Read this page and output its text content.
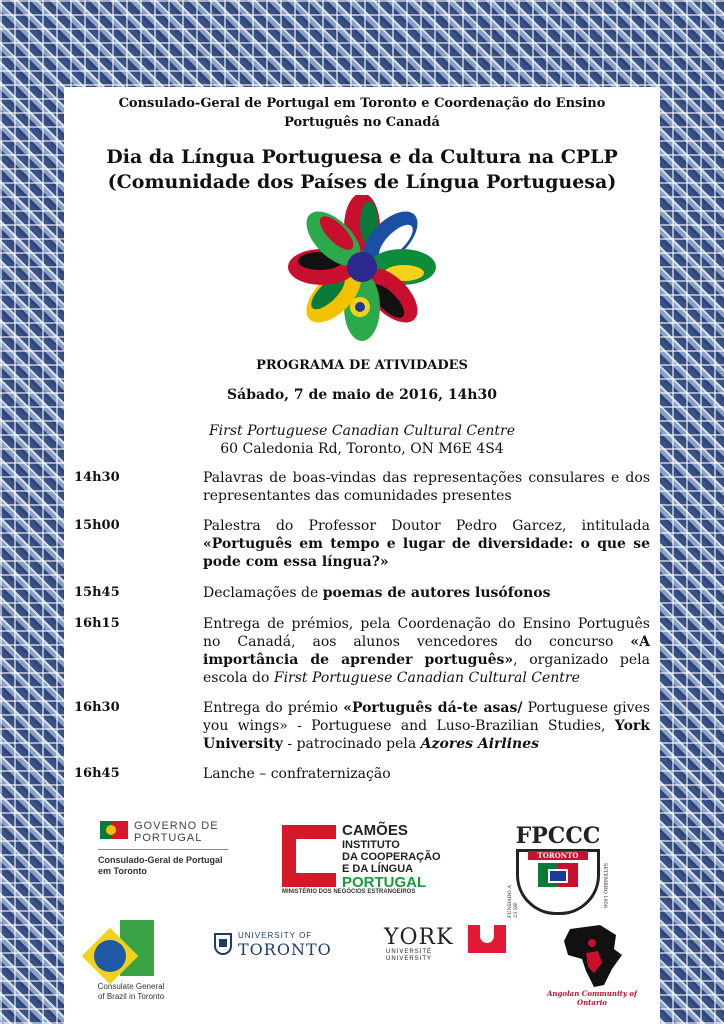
Consulado-Geral de Portugal em Toronto e Coordenação do Ensino
Português no Canadá
Dia da Língua Portuguesa e da Cultura na CPLP
(Comunidade dos Países de Língua Portuguesa)
PROGRAMA DE ATIVIDADES
Sábado, 7 de maio de 2016, 14h30
First Portuguese Canadian Cultural Centre
60 Caledonia Rd, Toronto, ON M6E 4S4
14h30	Palavras de boas-vindas das representações consulares e dos representantes das comunidades presentes
15h00	Palestra do Professor Doutor Pedro Garcez, intitulada «Português em tempo e lugar de diversidade: o que se pode com essa língua?»
15h45	Declamações de poemas de autores lusófonos
16h15	Entrega de prémios, pela Coordenação do Ensino Português no Canadá, aos alunos vencedores do concurso «A importância de aprender português», organizado pela escola do First Portuguese Canadian Cultural Centre
16h30	Entrega do prémio «Português dá-te asas/ Portuguese gives you wings» - Portuguese and Luso-Brazilian Studies, York University - patrocinado pela Azores Airlines
16h45	Lanche – confraternização
GOVERNO DE
PORTUGAL
Consulado-Geral de Portugal
em Toronto
CAMÕES
INSTITUTO
DA COOPERAÇÃO
E DA LÍNGUA
PORTUGAL
MINISTÉRIO DOS NEGÓCIOS ESTRANGEIROS
FPCCC
TORONTO
FUNDADO A 23 DE
SETEMBRO 1956
Consulate General
of Brazil in Toronto
UNIVERSITY OF
TORONTO YORK
UNIVERSITÉ
UNIVERSITY
Angolan Community of Ontario
